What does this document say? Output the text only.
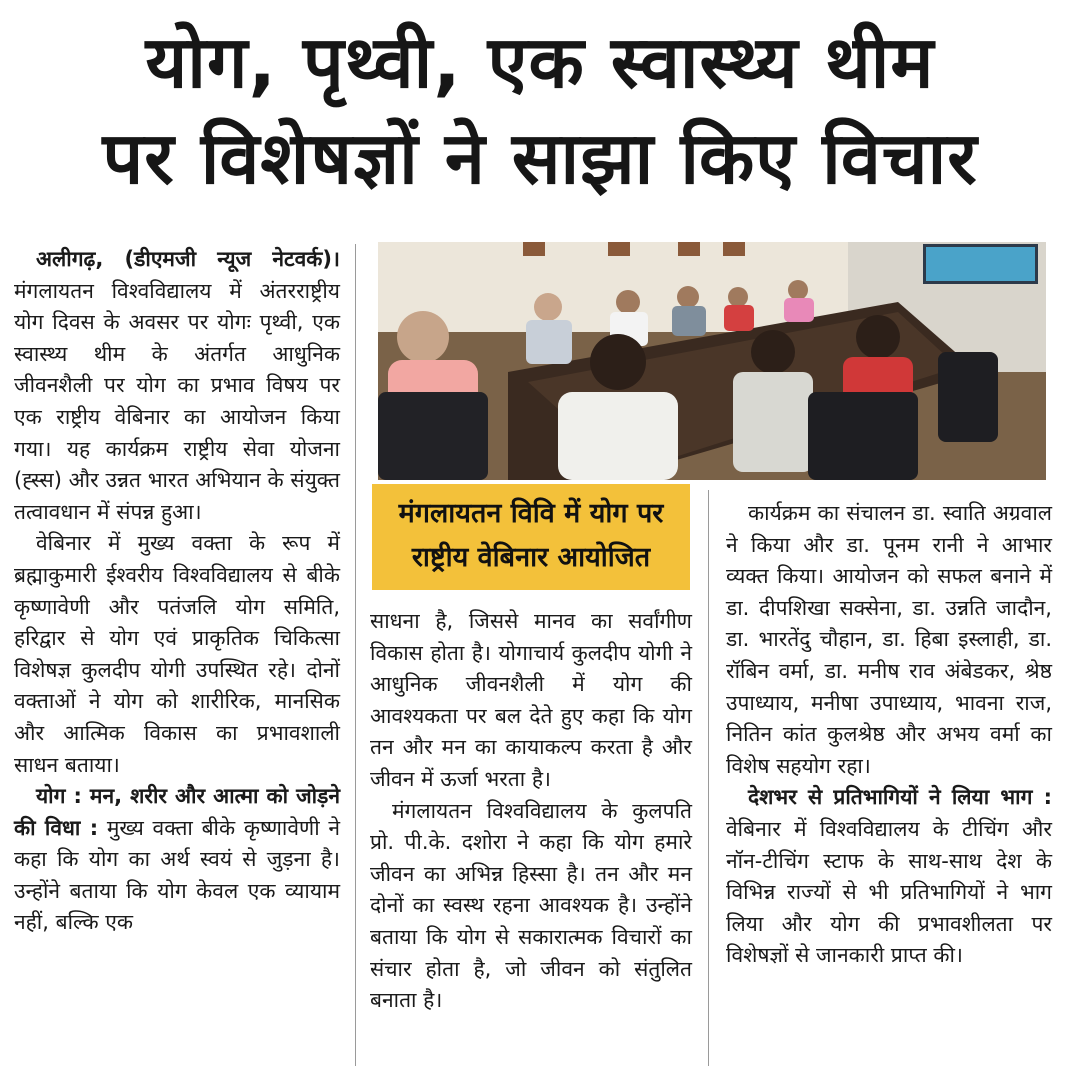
योग, पृथ्वी, एक स्वास्थ्य थीम
पर विशेषज्ञों ने साझा किए विचार

अलीगढ़, (डीएमजी न्यूज नेटवर्क)। मंगलायतन विश्वविद्यालय में अंतरराष्ट्रीय योग दिवस के अवसर पर योगः पृथ्वी, एक स्वास्थ्य थीम के अंतर्गत आधुनिक जीवनशैली पर योग का प्रभाव विषय पर एक राष्ट्रीय वेबिनार का आयोजन किया गया। यह कार्यक्रम राष्ट्रीय सेवा योजना (ह्स्स) और उन्नत भारत अभियान के संयुक्त तत्वावधान में संपन्न हुआ।

वेबिनार में मुख्य वक्ता के रूप में ब्रह्माकुमारी ईश्वरीय विश्वविद्यालय से बीके कृष्णावेणी और पतंजलि योग समिति, हरिद्वार से योग एवं प्राकृतिक चिकित्सा विशेषज्ञ कुलदीप योगी उपस्थित रहे। दोनों वक्ताओं ने योग को शारीरिक, मानसिक और आत्मिक विकास का प्रभावशाली साधन बताया।

योग : मन, शरीर और आत्मा को जोड़ने की विधा : मुख्य वक्ता बीके कृष्णावेणी ने कहा कि योग का अर्थ स्वयं से जुड़ना है। उन्होंने बताया कि योग केवल एक व्यायाम नहीं, बल्कि एक

मंगलायतन विवि में योग पर
राष्ट्रीय वेबिनार आयोजित

साधना है, जिससे मानव का सर्वांगीण विकास होता है। योगाचार्य कुलदीप योगी ने आधुनिक जीवनशैली में योग की आवश्यकता पर बल देते हुए कहा कि योग तन और मन का कायाकल्प करता है और जीवन में ऊर्जा भरता है।

मंगलायतन विश्वविद्यालय के कुलपति प्रो. पी.के. दशोरा ने कहा कि योग हमारे जीवन का अभिन्न हिस्सा है। तन और मन दोनों का स्वस्थ रहना आवश्यक है। उन्होंने बताया कि योग से सकारात्मक विचारों का संचार होता है, जो जीवन को संतुलित बनाता है।

कार्यक्रम का संचालन डा. स्वाति अग्रवाल ने किया और डा. पूनम रानी ने आभार व्यक्त किया। आयोजन को सफल बनाने में डा. दीपशिखा सक्सेना, डा. उन्नति जादौन, डा. भारतेंदु चौहान, डा. हिबा इस्लाही, डा. रॉबिन वर्मा, डा. मनीष राव अंबेडकर, श्रेष्ठ उपाध्याय, मनीषा उपाध्याय, भावना राज, नितिन कांत कुलश्रेष्ठ और अभय वर्मा का विशेष सहयोग रहा।

देशभर से प्रतिभागियों ने लिया भाग : वेबिनार में विश्वविद्यालय के टीचिंग और नॉन-टीचिंग स्टाफ के साथ-साथ देश के विभिन्न राज्यों से भी प्रतिभागियों ने भाग लिया और योग की प्रभावशीलता पर विशेषज्ञों से जानकारी प्राप्त की।
